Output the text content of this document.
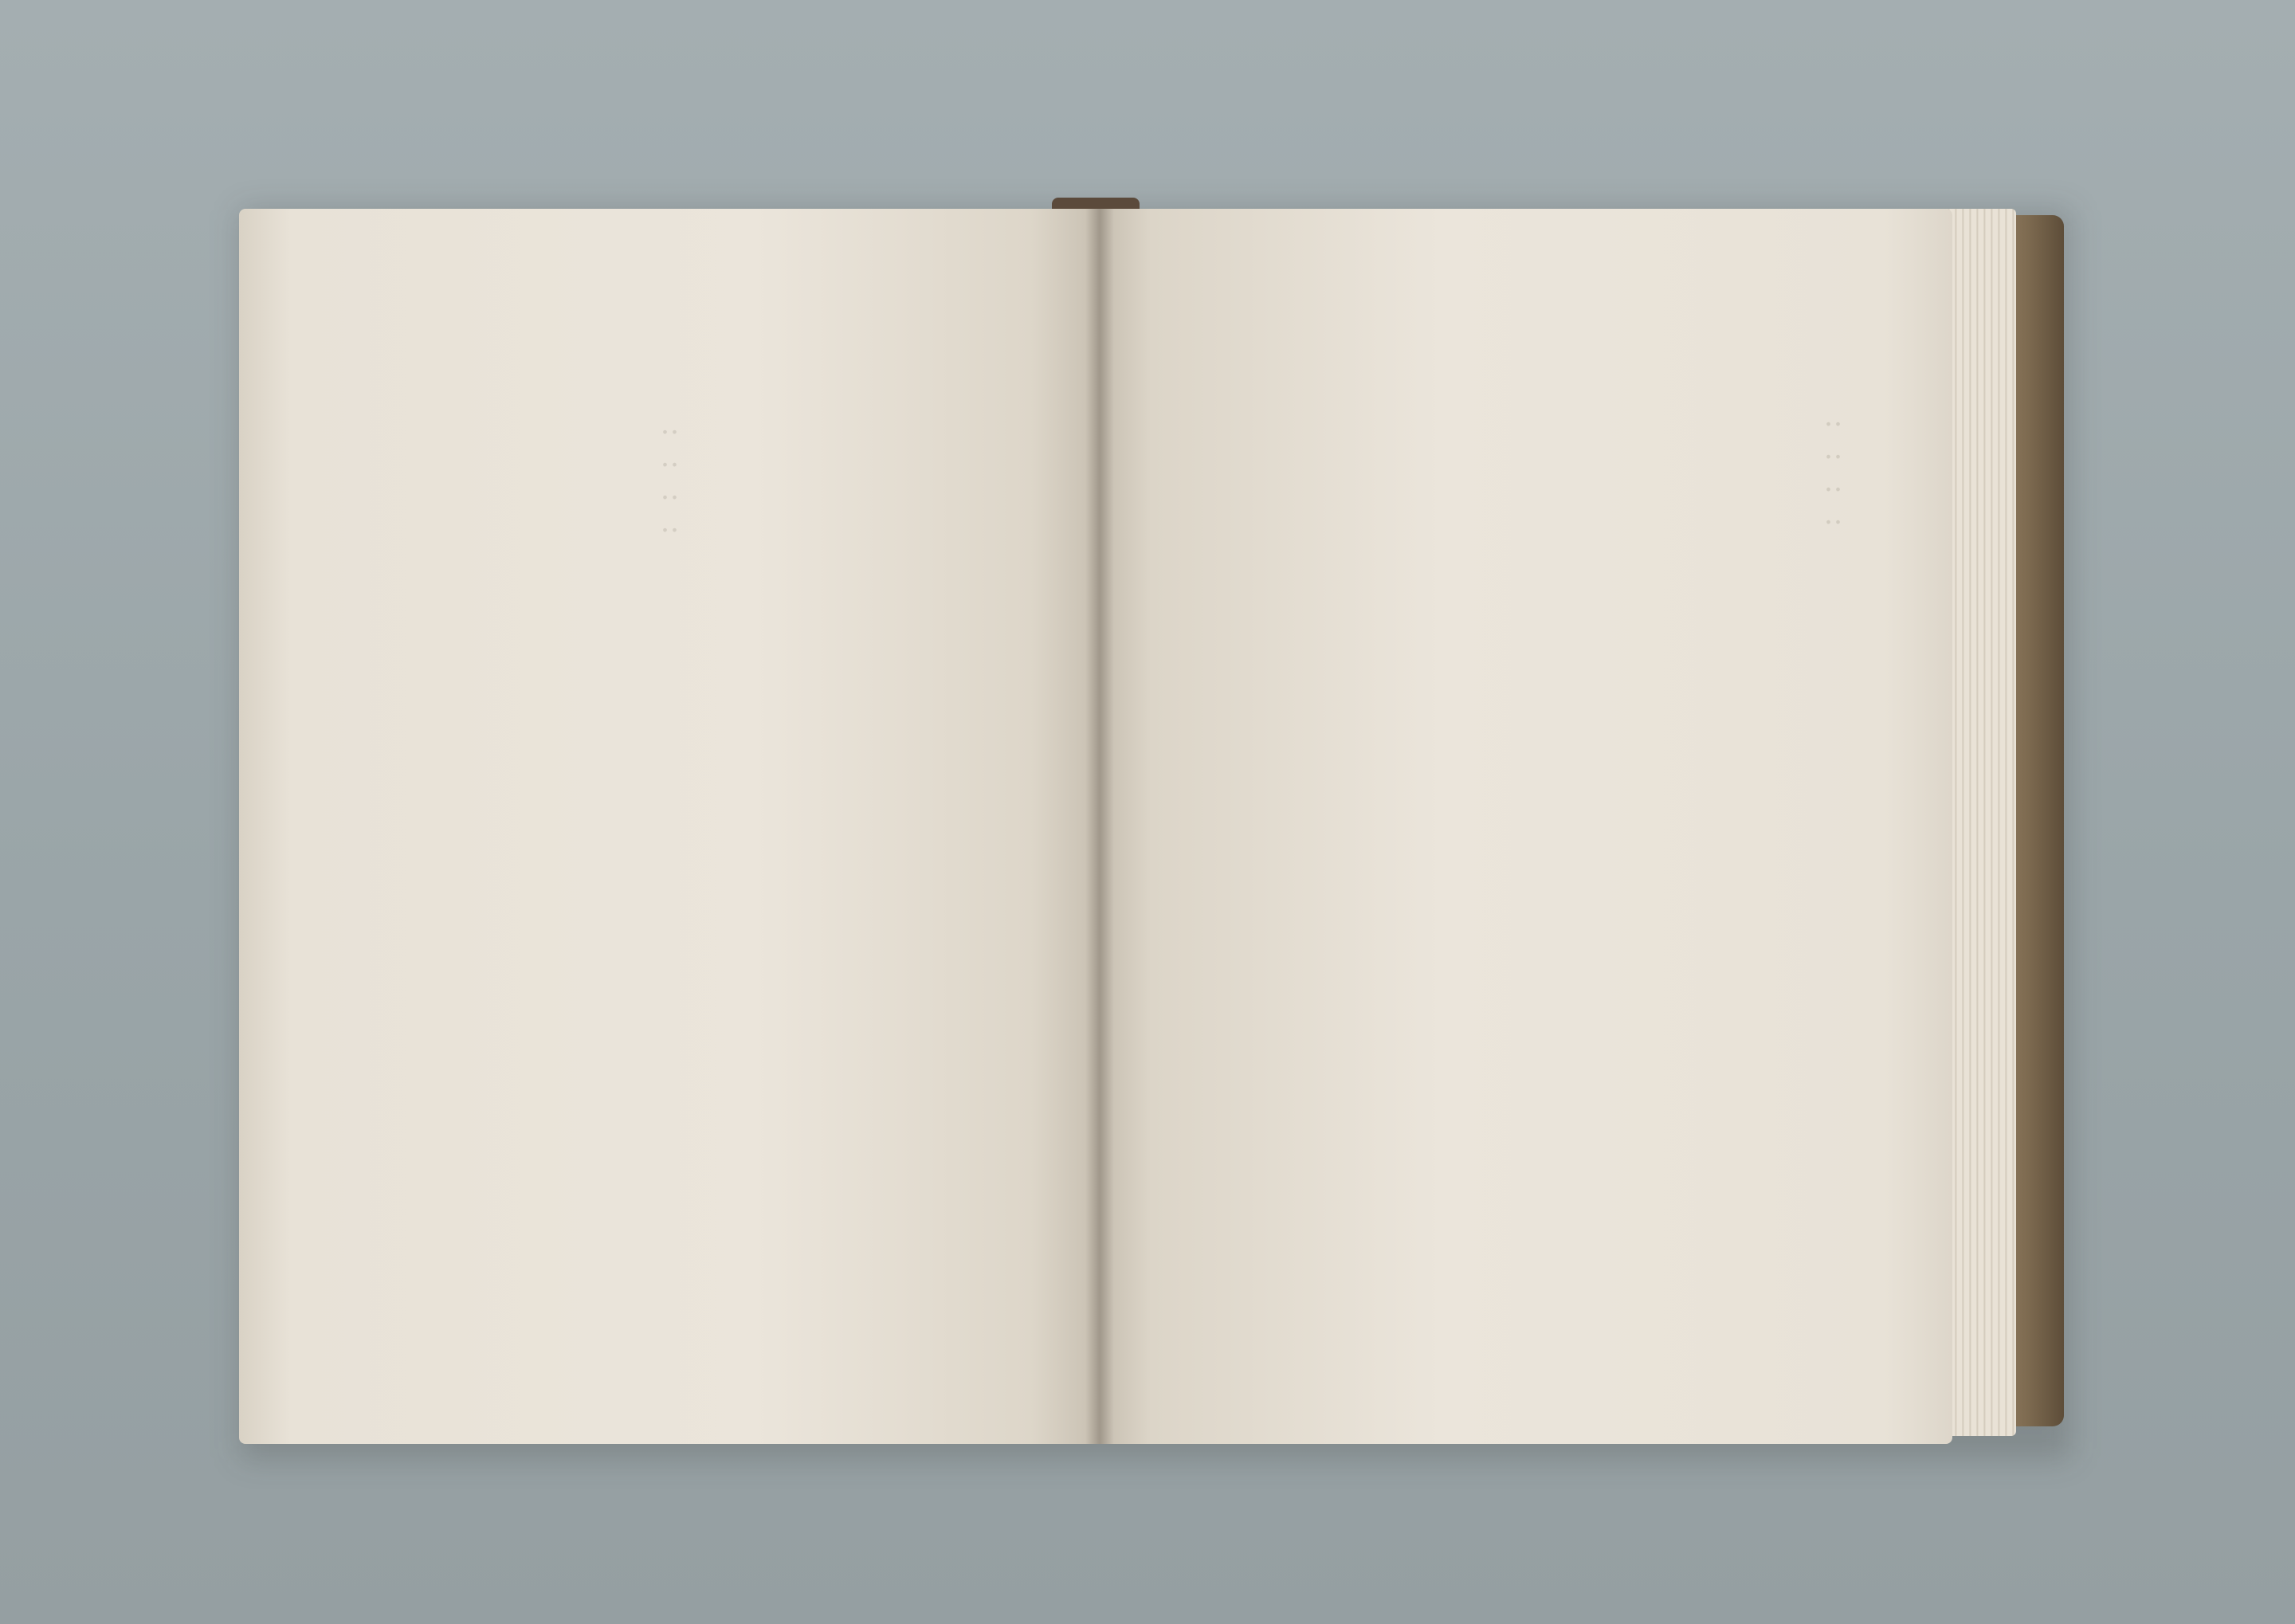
‥‥‥‥	‥‥‥‥
